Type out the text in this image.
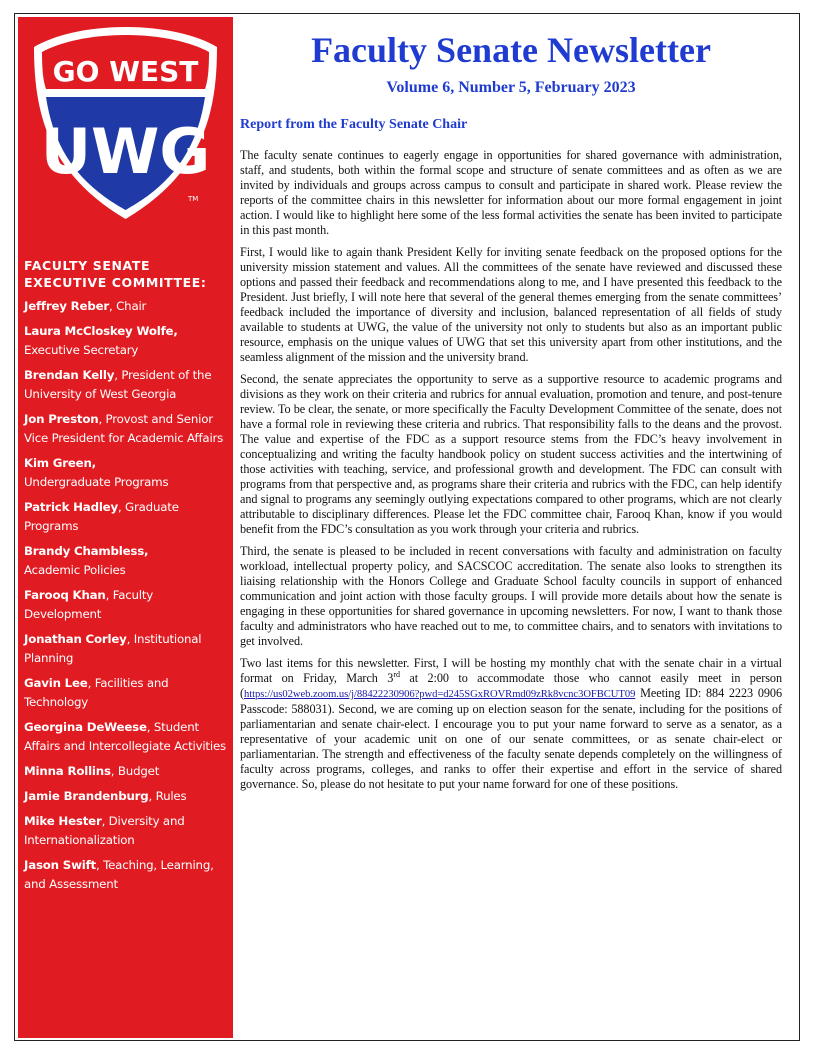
GO WEST
UWG
TM
FACULTY SENATE EXECUTIVE COMMITTEE:
Jeffrey Reber, Chair
Laura McCloskey Wolfe,
Executive Secretary
Brendan Kelly, President of the University of West Georgia
Jon Preston, Provost and Senior Vice President for Academic Affairs
Kim Green,
Undergraduate Programs
Patrick Hadley, Graduate Programs
Brandy Chambless,
Academic Policies
Farooq Khan, Faculty Development
Jonathan Corley, Institutional Planning
Gavin Lee, Facilities and Technology
Georgina DeWeese, Student Affairs and Intercollegiate Activities
Minna Rollins, Budget
Jamie Brandenburg, Rules
Mike Hester, Diversity and Internationalization
Jason Swift, Teaching, Learning, and Assessment
Faculty Senate Newsletter
Volume 6, Number 5, February 2023
Report from the Faculty Senate Chair

The faculty senate continues to eagerly engage in opportunities for shared governance with administration, staff, and students, both within the formal scope and structure of senate committees and as often as we are invited by individuals and groups across campus to consult and participate in shared work. Please review the reports of the committee chairs in this newsletter for information about our more formal engagement in joint action. I would like to highlight here some of the less formal activities the senate has been invited to participate in this past month.

First, I would like to again thank President Kelly for inviting senate feedback on the proposed options for the university mission statement and values. All the committees of the senate have reviewed and discussed these options and passed their feedback and recommendations along to me, and I have presented this feedback to the President. Just briefly, I will note here that several of the general themes emerging from the senate committees’ feedback included the importance of diversity and inclusion, balanced representation of all fields of study available to students at UWG, the value of the university not only to students but also as an important public resource, emphasis on the unique values of UWG that set this university apart from other institutions, and the seamless alignment of the mission and the university brand.

Second, the senate appreciates the opportunity to serve as a supportive resource to academic programs and divisions as they work on their criteria and rubrics for annual evaluation, promotion and tenure, and post-tenure review. To be clear, the senate, or more specifically the Faculty Development Committee of the senate, does not have a formal role in reviewing these criteria and rubrics. That responsibility falls to the deans and the provost. The value and expertise of the FDC as a support resource stems from the FDC’s heavy involvement in conceptualizing and writing the faculty handbook policy on student success activities and the intertwining of those activities with teaching, service, and professional growth and development. The FDC can consult with programs from that perspective and, as programs share their criteria and rubrics with the FDC, can help identify and signal to programs any seemingly outlying expectations compared to other programs, which are not clearly attributable to disciplinary differences. Please let the FDC committee chair, Farooq Khan, know if you would benefit from the FDC’s consultation as you work through your criteria and rubrics.

Third, the senate is pleased to be included in recent conversations with faculty and administration on faculty workload, intellectual property policy, and SACSCOC accreditation. The senate also looks to strengthen its liaising relationship with the Honors College and Graduate School faculty councils in support of enhanced communication and joint action with those faculty groups. I will provide more details about how the senate is engaging in these opportunities for shared governance in upcoming newsletters. For now, I want to thank those faculty and administrators who have reached out to me, to committee chairs, and to senators with invitations to get involved.

Two last items for this newsletter. First, I will be hosting my monthly chat with the senate chair in a virtual format on Friday, March 3rd at 2:00 to accommodate those who cannot easily meet in person (https://us02web.zoom.us/j/88422230906?pwd=d245SGxROVRmd09zRk8vcnc3OFBCUT09 Meeting ID: 884 2223 0906 Passcode: 588031). Second, we are coming up on election season for the senate, including for the positions of parliamentarian and senate chair-elect. I encourage you to put your name forward to serve as a senator, as a representative of your academic unit on one of our senate committees, or as senate chair-elect or parliamentarian. The strength and effectiveness of the faculty senate depends completely on the willingness of faculty across programs, colleges, and ranks to offer their expertise and effort in the service of shared governance. So, please do not hesitate to put your name forward for one of these positions.
